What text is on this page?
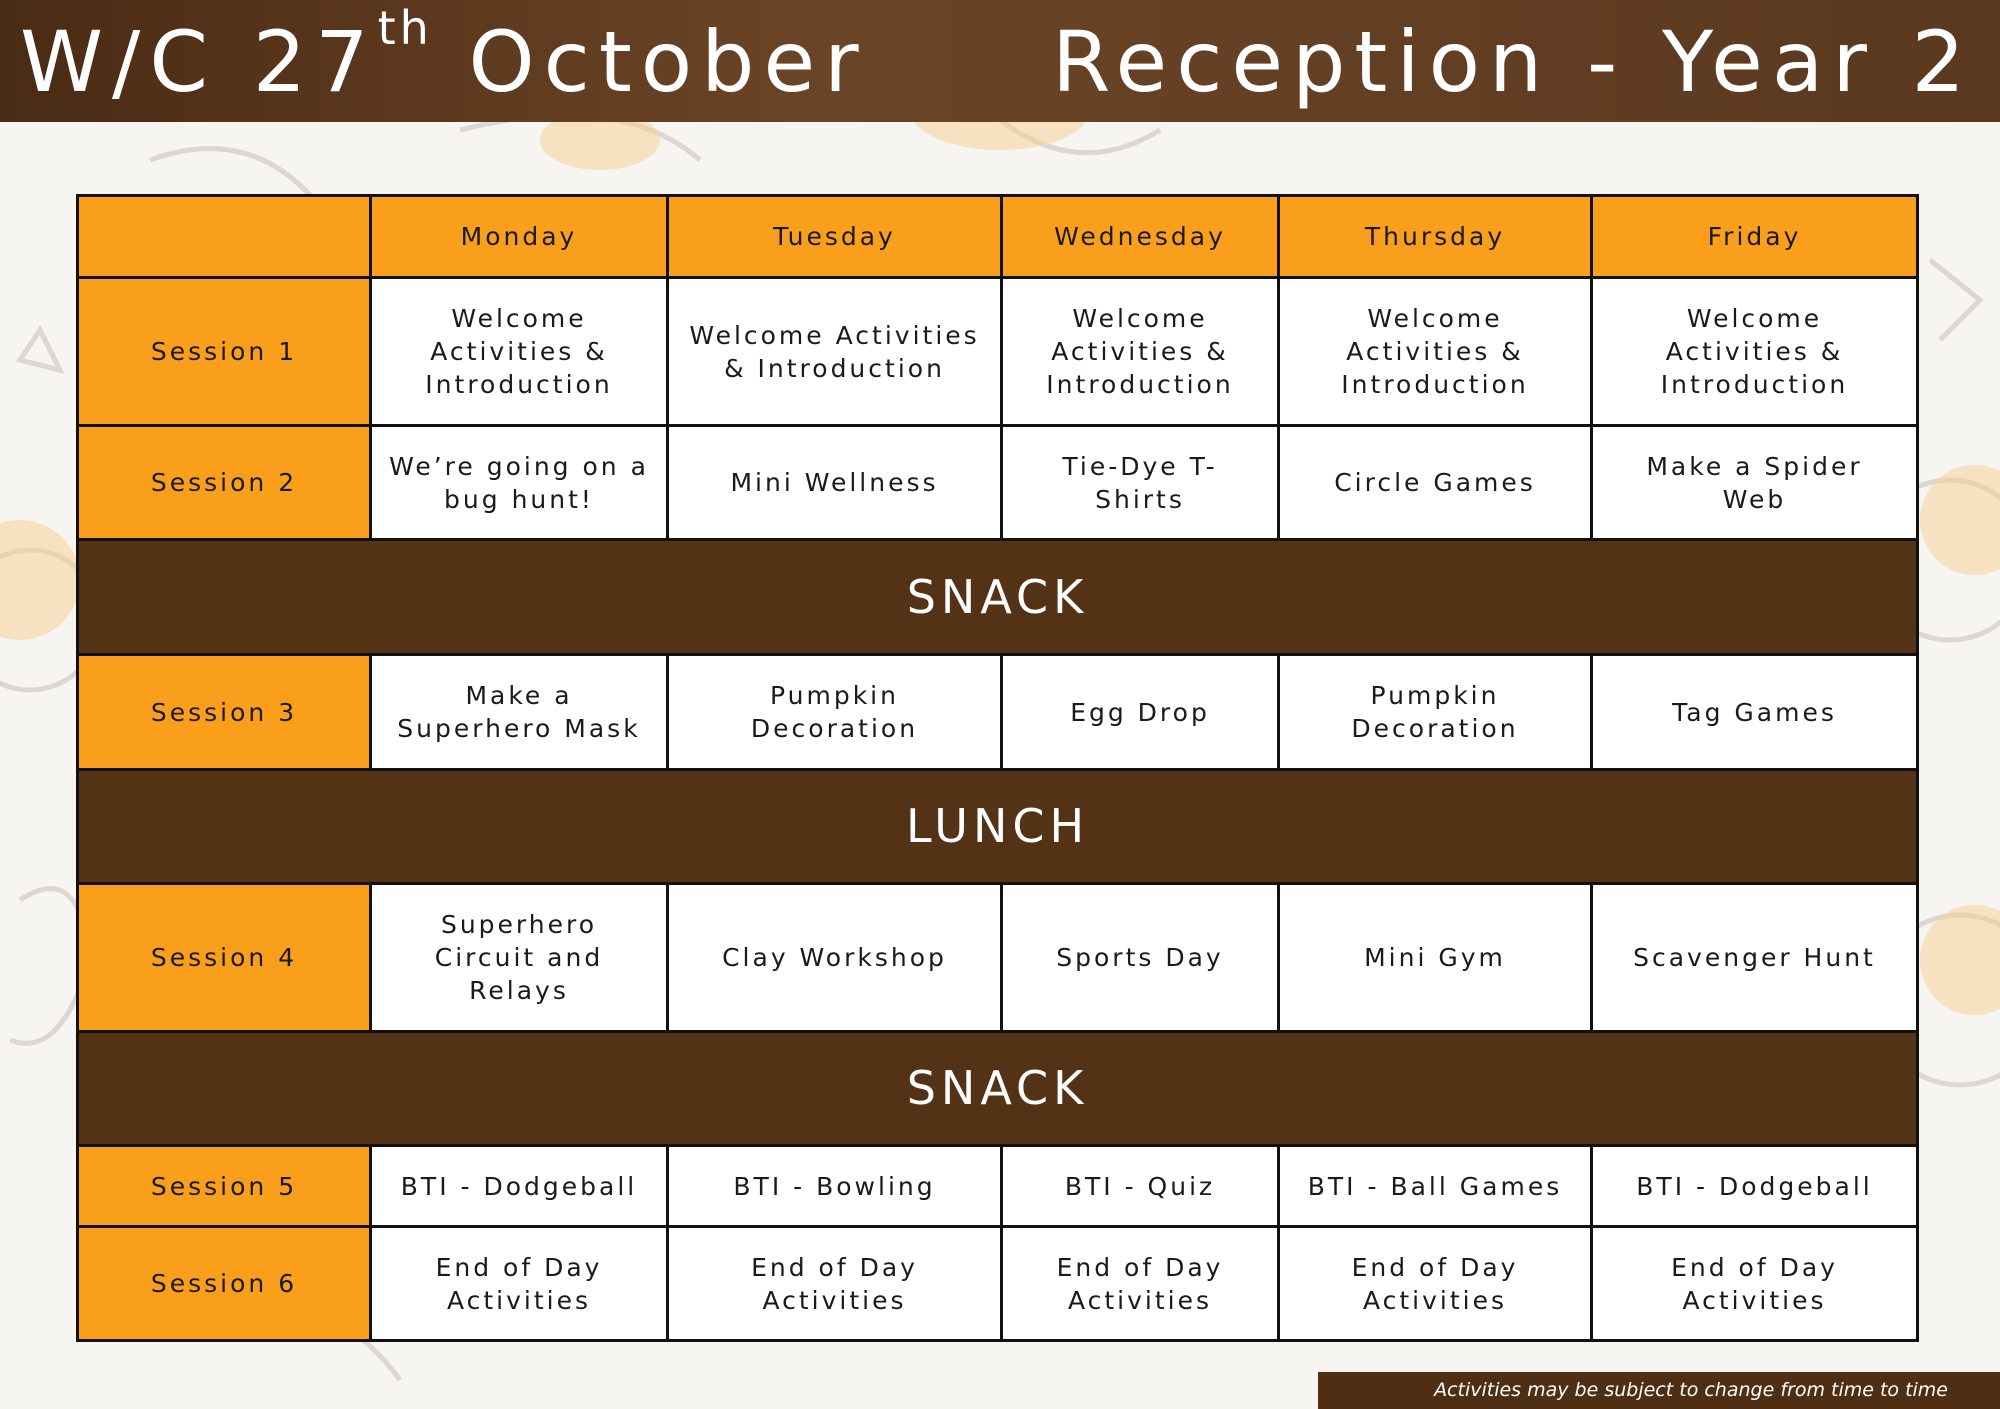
W/C 27th October Reception - Year 2
	Monday	Tuesday	Wednesday	Thursday	Friday
Session 1	Welcome Activities & Introduction	Welcome Activities & Introduction	Welcome Activities & Introduction	Welcome Activities & Introduction	Welcome Activities & Introduction
Session 2	We’re going on a bug hunt!	Mini Wellness	Tie-Dye T-Shirts	Circle Games	Make a Spider Web
SNACK					
Session 3	Make a Superhero Mask	Pumpkin Decoration	Egg Drop	Pumpkin Decoration	Tag Games
LUNCH					
Session 4	Superhero Circuit and Relays	Clay Workshop	Sports Day	Mini Gym	Scavenger Hunt
SNACK					
Session 5	BTI - Dodgeball	BTI - Bowling	BTI - Quiz	BTI - Ball Games	BTI - Dodgeball
Session 6	End of Day Activities	End of Day Activities	End of Day Activities	End of Day Activities	End of Day Activities
Activities may be subject to change from time to time
